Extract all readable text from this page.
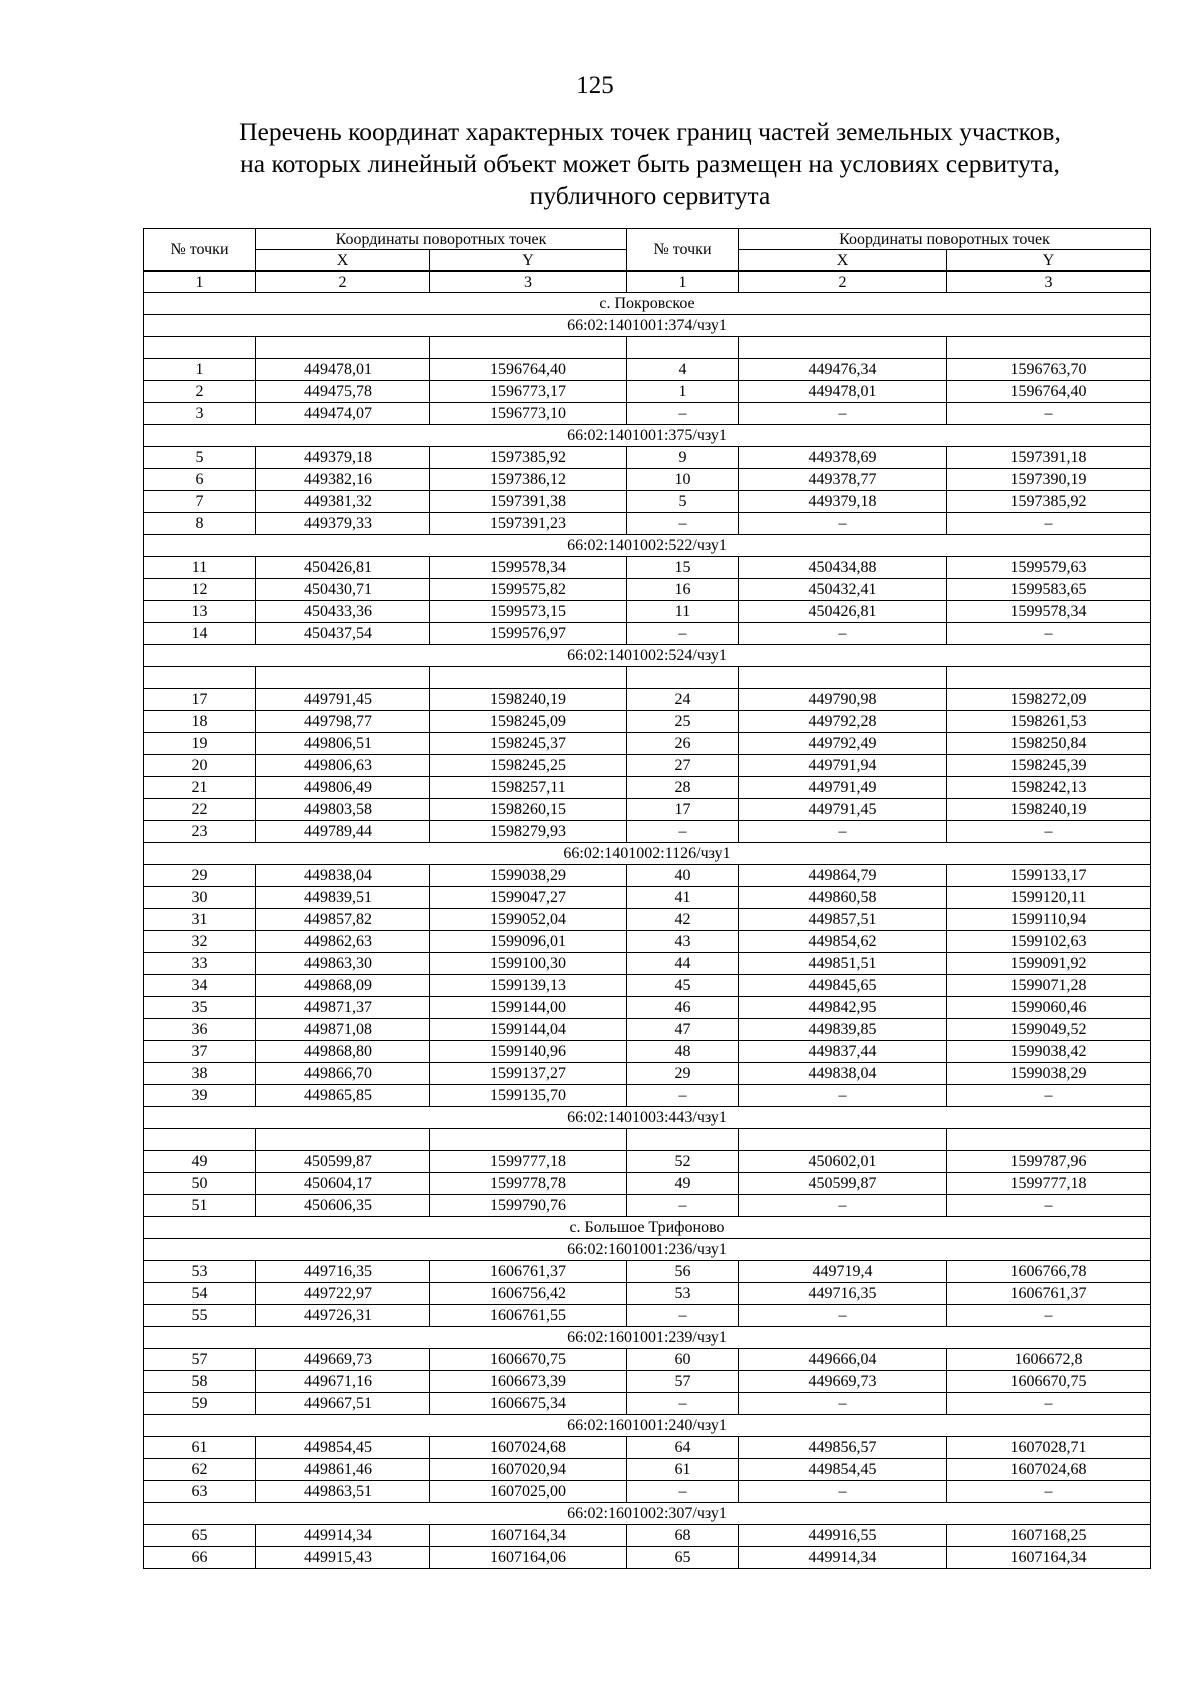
125
Перечень координат характерных точек границ частей земельных участков,
на которых линейный объект может быть размещен на условиях сервитута,
публичного сервитута
№ точки	Координаты поворотных точек		№ точки	Координаты поворотных точек	
	X	Y		X	Y
1	2	3	1	2	3
с. Покровское					
66:02:1401001:374/чзу1					

1	449478,01	1596764,40	4	449476,34	1596763,70
2	449475,78	1596773,17	1	449478,01	1596764,40
3	449474,07	1596773,10	–	–	–
66:02:1401001:375/чзу1					
5	449379,18	1597385,92	9	449378,69	1597391,18
6	449382,16	1597386,12	10	449378,77	1597390,19
7	449381,32	1597391,38	5	449379,18	1597385,92
8	449379,33	1597391,23	–	–	–
66:02:1401002:522/чзу1					
11	450426,81	1599578,34	15	450434,88	1599579,63
12	450430,71	1599575,82	16	450432,41	1599583,65
13	450433,36	1599573,15	11	450426,81	1599578,34
14	450437,54	1599576,97	–	–	–
66:02:1401002:524/чзу1					

17	449791,45	1598240,19	24	449790,98	1598272,09
18	449798,77	1598245,09	25	449792,28	1598261,53
19	449806,51	1598245,37	26	449792,49	1598250,84
20	449806,63	1598245,25	27	449791,94	1598245,39
21	449806,49	1598257,11	28	449791,49	1598242,13
22	449803,58	1598260,15	17	449791,45	1598240,19
23	449789,44	1598279,93	–	–	–
66:02:1401002:1126/чзу1					
29	449838,04	1599038,29	40	449864,79	1599133,17
30	449839,51	1599047,27	41	449860,58	1599120,11
31	449857,82	1599052,04	42	449857,51	1599110,94
32	449862,63	1599096,01	43	449854,62	1599102,63
33	449863,30	1599100,30	44	449851,51	1599091,92
34	449868,09	1599139,13	45	449845,65	1599071,28
35	449871,37	1599144,00	46	449842,95	1599060,46
36	449871,08	1599144,04	47	449839,85	1599049,52
37	449868,80	1599140,96	48	449837,44	1599038,42
38	449866,70	1599137,27	29	449838,04	1599038,29
39	449865,85	1599135,70	–	–	–
66:02:1401003:443/чзу1					

49	450599,87	1599777,18	52	450602,01	1599787,96
50	450604,17	1599778,78	49	450599,87	1599777,18
51	450606,35	1599790,76	–	–	–
с. Большое Трифоново					
66:02:1601001:236/чзу1					
53	449716,35	1606761,37	56	449719,4	1606766,78
54	449722,97	1606756,42	53	449716,35	1606761,37
55	449726,31	1606761,55	–	–	–
66:02:1601001:239/чзу1					
57	449669,73	1606670,75	60	449666,04	1606672,8
58	449671,16	1606673,39	57	449669,73	1606670,75
59	449667,51	1606675,34	–	–	–
66:02:1601001:240/чзу1					
61	449854,45	1607024,68	64	449856,57	1607028,71
62	449861,46	1607020,94	61	449854,45	1607024,68
63	449863,51	1607025,00	–	–	–
66:02:1601002:307/чзу1					
65	449914,34	1607164,34	68	449916,55	1607168,25
66	449915,43	1607164,06	65	449914,34	1607164,34
